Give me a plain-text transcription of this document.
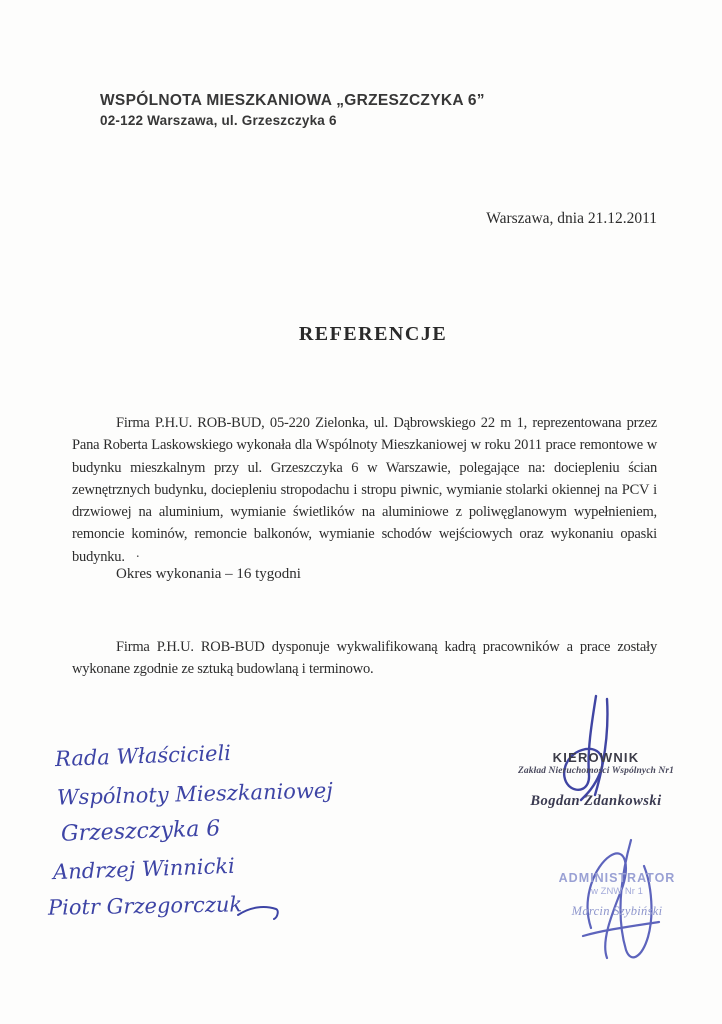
WSPÓLNOTA MIESZKANIOWA „GRZESZCZYKA 6”
02-122 Warszawa, ul. Grzeszczyka 6
Warszawa, dnia 21.12.2011
REFERENCJE

Firma P.H.U. ROB-BUD, 05-220 Zielonka, ul. Dąbrowskiego 22 m 1, reprezentowana przez Pana Roberta Laskowskiego wykonała dla Wspólnoty Mieszkaniowej w roku 2011 prace remontowe w budynku mieszkalnym przy ul. Grzeszczyka 6 w Warszawie, polegające na: dociepleniu ścian zewnętrznych budynku, dociepleniu stropodachu i stropu piwnic, wymianie stolarki okiennej na PCV i drzwiowej na aluminium, wymianie świetlików na aluminiowe z poliwęglanowym wypełnieniem, remoncie kominów, remoncie balkonów, wymianie schodów wejściowych oraz wykonaniu opaski budynku. .
Okres wykonania – 16 tygodni

Firma P.H.U. ROB-BUD dysponuje wykwalifikowaną kadrą pracowników a prace zostały wykonane zgodnie ze sztuką budowlaną i terminowo.

KIEROWNIK
Zakład Nieruchomości Wspólnych Nr1
Bogdan Zdankowski
Rada Właścicieli
Wspólnoty Mieszkaniowej
Grzeszczyka 6
Andrzej Winnicki
Piotr Grzegorczuk
ADMINISTRATOR
w ZNW Nr 1
Marcin Szybiński
